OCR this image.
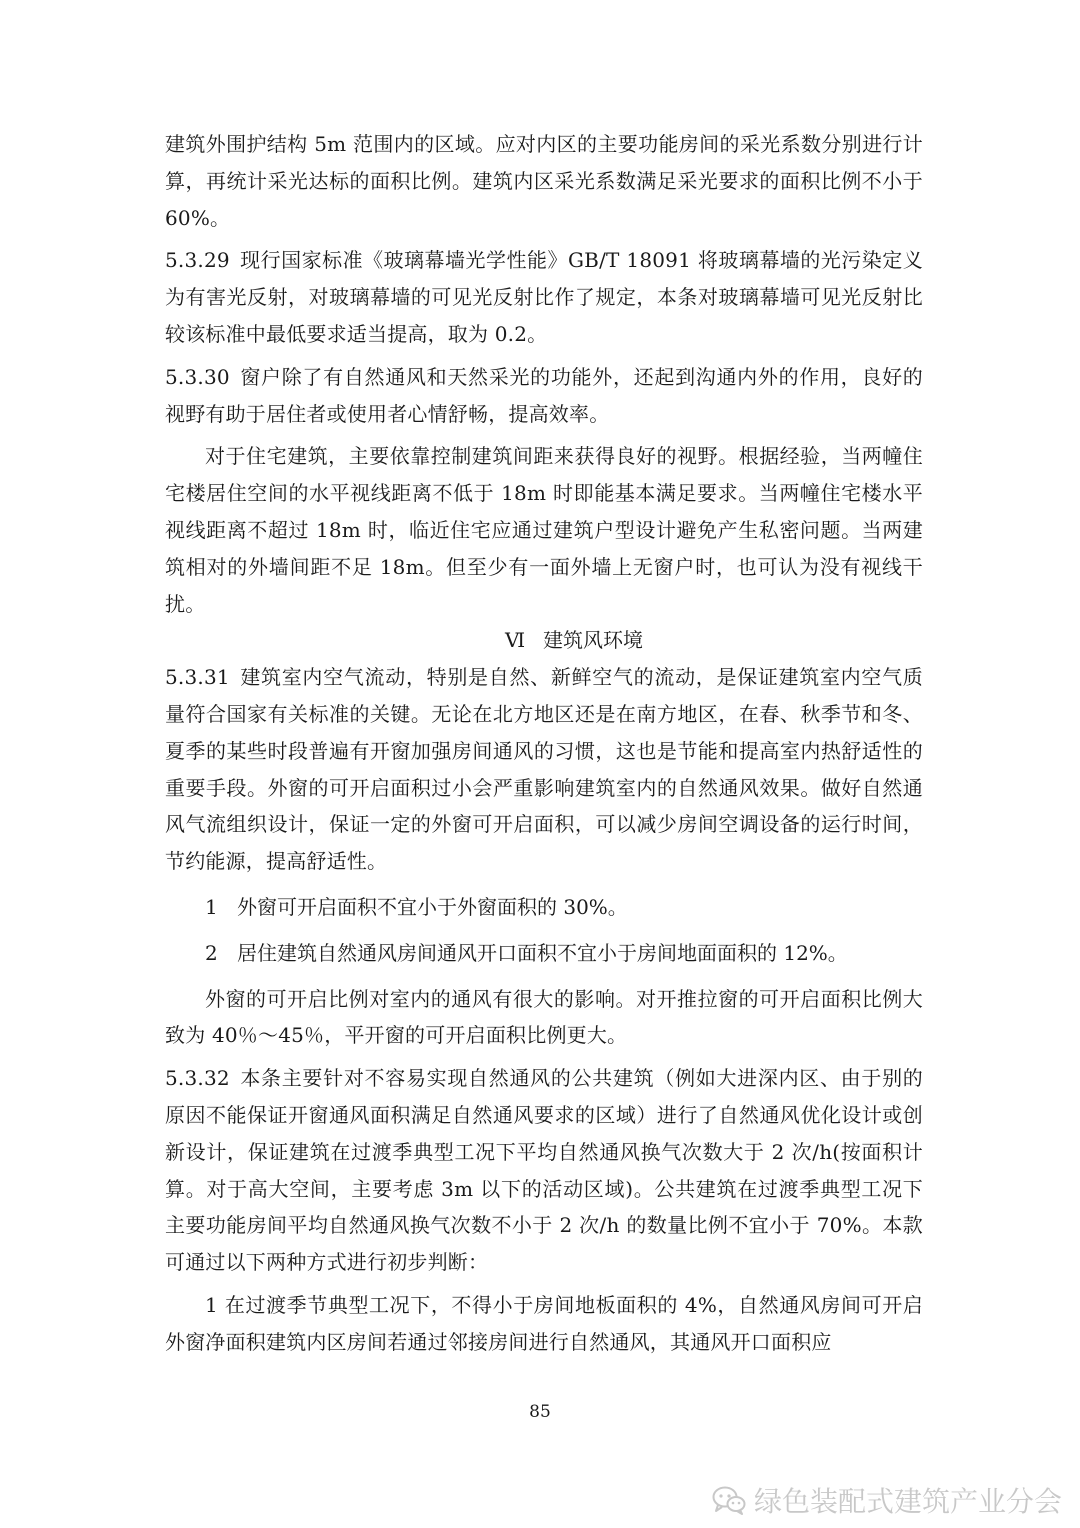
建筑外围护结构 5m 范围内的区域。应对内区的主要功能房间的采光系数分别进行计算，再统计采光达标的面积比例。建筑内区采光系数满足采光要求的面积比例不小于 60%。

5.3.29 现行国家标准《玻璃幕墙光学性能》GB/T 18091 将玻璃幕墙的光污染定义为有害光反射，对玻璃幕墙的可见光反射比作了规定，本条对玻璃幕墙可见光反射比较该标准中最低要求适当提高，取为 0.2。

5.3.30 窗户除了有自然通风和天然采光的功能外，还起到沟通内外的作用，良好的视野有助于居住者或使用者心情舒畅，提高效率。

对于住宅建筑，主要依靠控制建筑间距来获得良好的视野。根据经验，当两幢住宅楼居住空间的水平视线距离不低于 18m 时即能基本满足要求。当两幢住宅楼水平视线距离不超过 18m 时，临近住宅应通过建筑户型设计避免产生私密问题。当两建筑相对的外墙间距不足 18m。但至少有一面外墙上无窗户时，也可认为没有视线干扰。

Ⅵ 建筑风环境

5.3.31 建筑室内空气流动，特别是自然、新鲜空气的流动，是保证建筑室内空气质量符合国家有关标准的关键。无论在北方地区还是在南方地区，在春、秋季节和冬、夏季的某些时段普遍有开窗加强房间通风的习惯，这也是节能和提高室内热舒适性的重要手段。外窗的可开启面积过小会严重影响建筑室内的自然通风效果。做好自然通风气流组织设计，保证一定的外窗可开启面积，可以减少房间空调设备的运行时间，节约能源，提高舒适性。

1 外窗可开启面积不宜小于外窗面积的 30%。

2 居住建筑自然通风房间通风开口面积不宜小于房间地面面积的 12%。

外窗的可开启比例对室内的通风有很大的影响。对开推拉窗的可开启面积比例大致为 40％～45％，平开窗的可开启面积比例更大。

5.3.32 本条主要针对不容易实现自然通风的公共建筑（例如大进深内区、由于别的原因不能保证开窗通风面积满足自然通风要求的区域）进行了自然通风优化设计或创新设计，保证建筑在过渡季典型工况下平均自然通风换气次数大于 2 次/h(按面积计算。对于高大空间，主要考虑 3m 以下的活动区域)。公共建筑在过渡季典型工况下主要功能房间平均自然通风换气次数不小于 2 次/h 的数量比例不宜小于 70%。本款可通过以下两种方式进行初步判断：

1 在过渡季节典型工况下，不得小于房间地板面积的 4%，自然通风房间可开启外窗净面积建筑内区房间若通过邻接房间进行自然通风，其通风开口面积应

85
绿色装配式建筑产业分会
